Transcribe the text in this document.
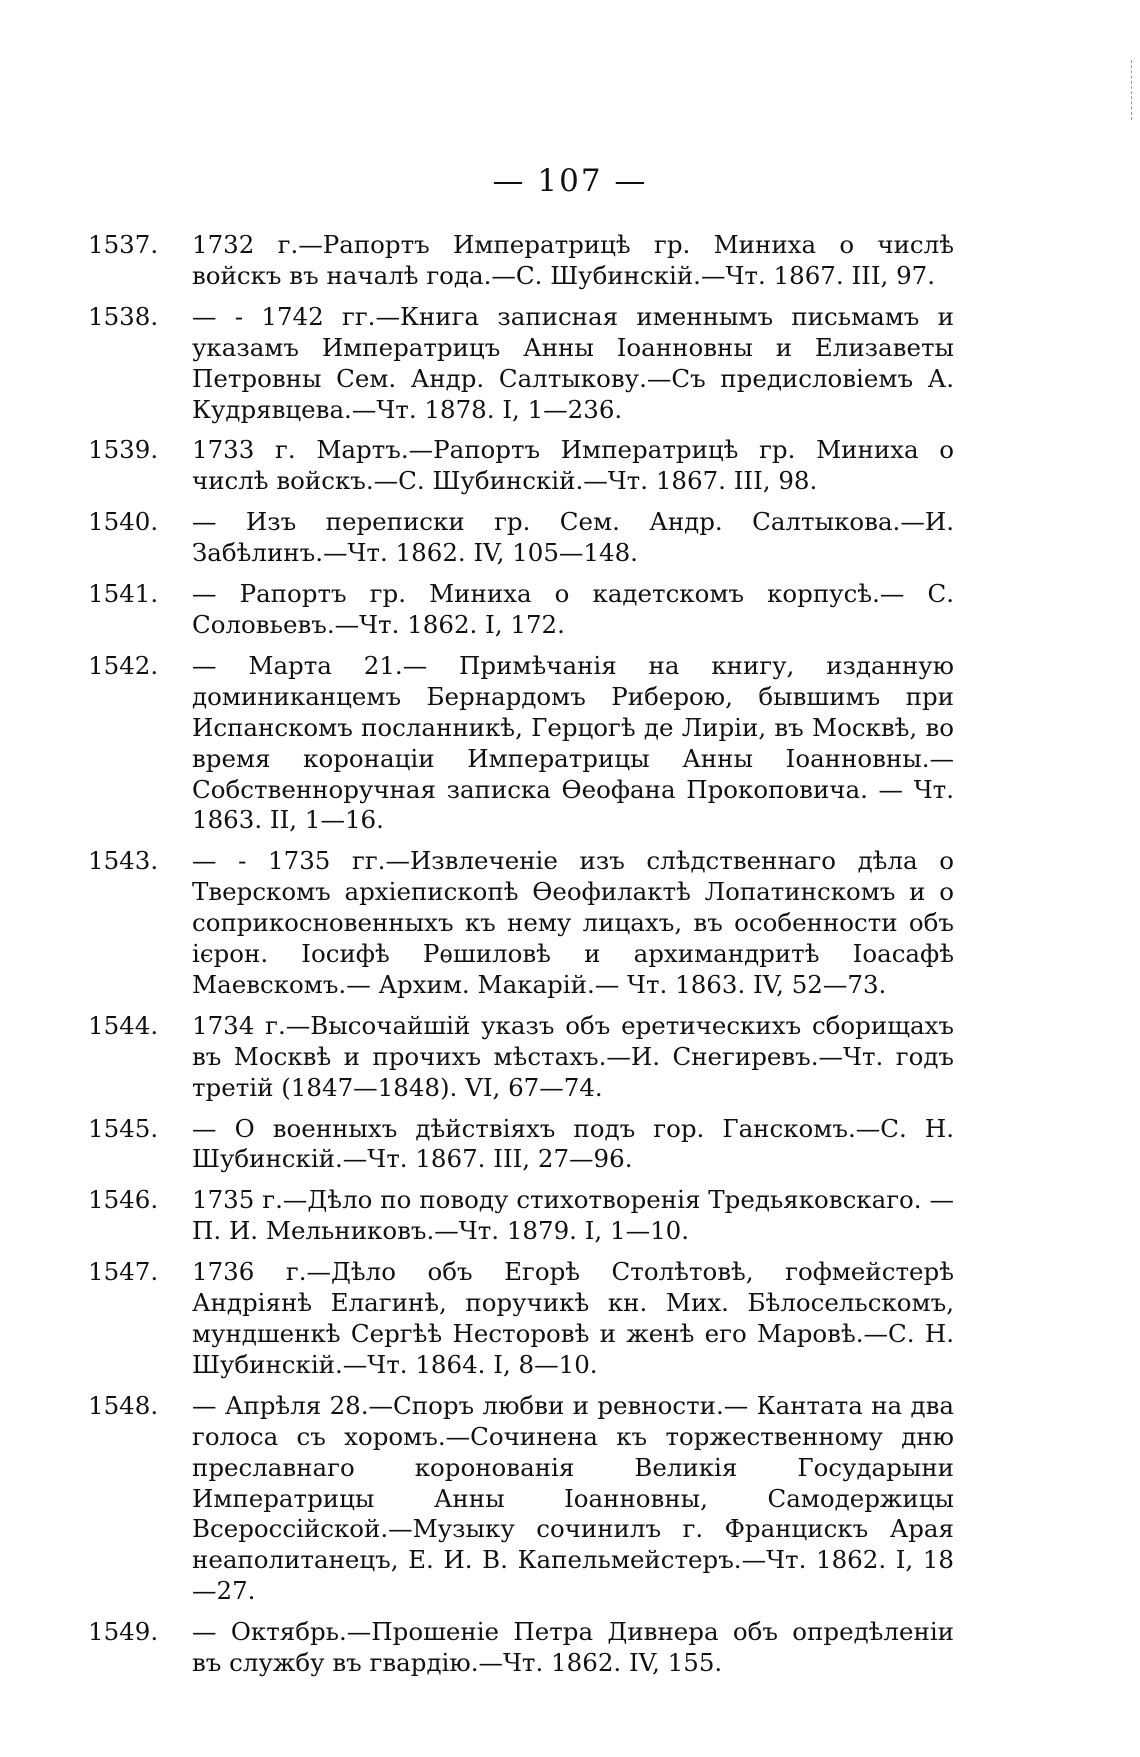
— 107 —
1537.	1732 г.—Рапортъ Императрицѣ гр. Миниха о числѣ войскъ въ началѣ года.—С. Шубинскій.—Чт. 1867. III, 97.
1538.	— - 1742 гг.—Книга записная именнымъ письмамъ и указамъ Императрицъ Анны Іоанновны и Елизаветы Петровны Сем. Андр. Салтыкову.—Съ предисловіемъ А. Кудрявцева.—Чт. 1878. I, 1—236.
1539.	1733 г. Мартъ.—Рапортъ Императрицѣ гр. Миниха о числѣ войскъ.—С. Шубинскій.—Чт. 1867. III, 98.
1540.	— Изъ переписки гр. Сем. Андр. Салтыкова.—И. Забѣлинъ.—Чт. 1862. IV, 105—148.
1541.	— Рапортъ гр. Миниха о кадетскомъ корпусѣ.— С. Соловьевъ.—Чт. 1862. I, 172.
1542.	— Марта 21.— Примѣчанія на книгу, изданную доминиканцемъ Бернардомъ Риберою, бывшимъ при Испанскомъ посланникѣ, Герцогѣ де Лиріи, въ Москвѣ, во время коронаціи Императрицы Анны Іоанновны.—Собственноручная записка Ѳеофана Прокоповича. — Чт. 1863. II, 1—16.
1543.	— - 1735 гг.—Извлеченіе изъ слѣдственнаго дѣла о Тверскомъ архіепископѣ Ѳеофилактѣ Лопатинскомъ и о соприкосновенныхъ къ нему лицахъ, въ особенности объ ієрон. Іосифѣ Рѳшиловѣ и архимандритѣ Іоасафѣ Маевскомъ.— Архим. Макарій.— Чт. 1863. IV, 52—73.
1544.	1734 г.—Высочайшій указъ объ еретическихъ сборищахъ въ Москвѣ и прочихъ мѣстахъ.—И. Снегиревъ.—Чт. годъ третій (1847—1848). VI, 67—74.
1545.	— О военныхъ дѣйствіяхъ подъ гор. Ганскомъ.—С. Н. Шубинскій.—Чт. 1867. III, 27—96.
1546.	1735 г.—Дѣло по поводу стихотворенія Тредьяковскаго. —П. И. Мельниковъ.—Чт. 1879. I, 1—10.
1547.	1736 г.—Дѣло объ Егорѣ Столѣтовѣ, гофмейстерѣ Андріянѣ Елагинѣ, поручикѣ кн. Мих. Бѣлосельскомъ, мундшенкѣ Сергѣѣ Несторовѣ и женѣ его Маровѣ.—С. Н. Шубинскій.—Чт. 1864. I, 8—10.
1548.	— Апрѣля 28.—Споръ любви и ревности.— Кантата на два голоса съ хоромъ.—Сочинена къ торжественному дню преславнаго коронованія Великія Государыни Императрицы Анны Іоанновны, Самодержицы Всероссійской.—Музыку сочинилъ г. Францискъ Арая неаполитанецъ, Е. И. В. Капельмейстеръ.—Чт. 1862. I, 18—27.
1549.	— Октябрь.—Прошеніе Петра Дивнера объ опредѣленіи въ службу въ гвардію.—Чт. 1862. IV, 155.
